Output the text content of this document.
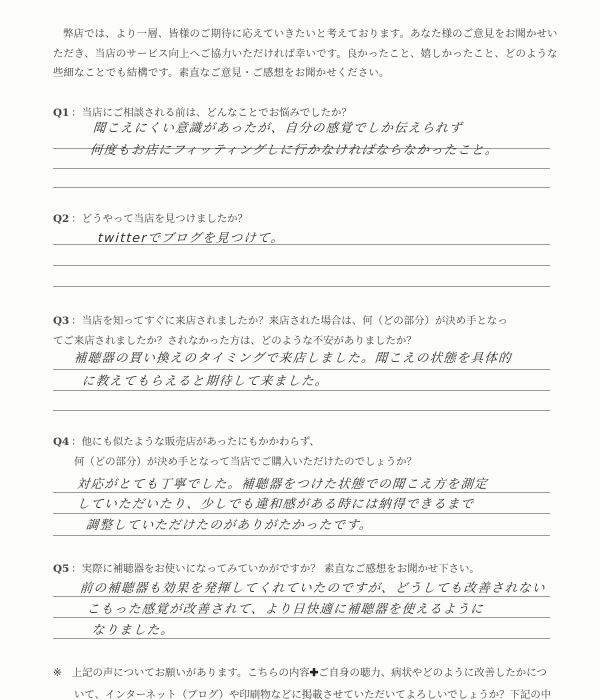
弊店では、より一層、皆様のご期待に応えていきたいと考えております。あなた様のご意見をお聞かせい
ただき、当店のサービス向上へご協力いただければ幸いです。良かったこと、嬉しかったこと、どのような
些細なことでも結構です。素直なご意見・ご感想をお聞かせください。
Q1 ：当店にご相談される前は、どんなことでお悩みでしたか？
聞こえにくい意識があったが、自分の感覚でしか伝えられず
何度もお店にフィッティングしに行かなければならなかったこと。
Q2 ：どうやって当店を見つけましたか？
twitterでブログを見つけて。
Q3 ：当店を知ってすぐに来店されましたか？来店された場合は、何（どの部分）が決め手となっ
てご来店されましたか？されなかった方は、どのような不安がありましたか？
補聴器の買い換えのタイミングで来店しました。聞こえの状態を具体的
に教えてもらえると期待して来ました。
Q4 ：他にも似たような販売店があったにもかかわらず、
何（どの部分）が決め手となって当店でご購入いただけたのでしょうか？
対応がとても丁寧でした。補聴器をつけた状態での聞こえ方を測定
していただいたり、少しでも違和感がある時には納得できるまで
調整していただけたのがありがたかったです。
Q5 ：実際に補聴器をお使いになってみていかがですか？ 素直なご感想をお聞かせ下さい。
前の補聴器も効果を発揮してくれていたのですが、どうしても改善されない
こもった感覚が改善されて、より日快適に補聴器を使えるように
なりました。
※ 上記の声についてお願いがあります。こちらの内容✚ご自身の聴力、病状やどのように改善したかにつ
いて、インターネット（ブログ）や印刷物などに掲載させていただいてよろしいでしょうか？下記の中
